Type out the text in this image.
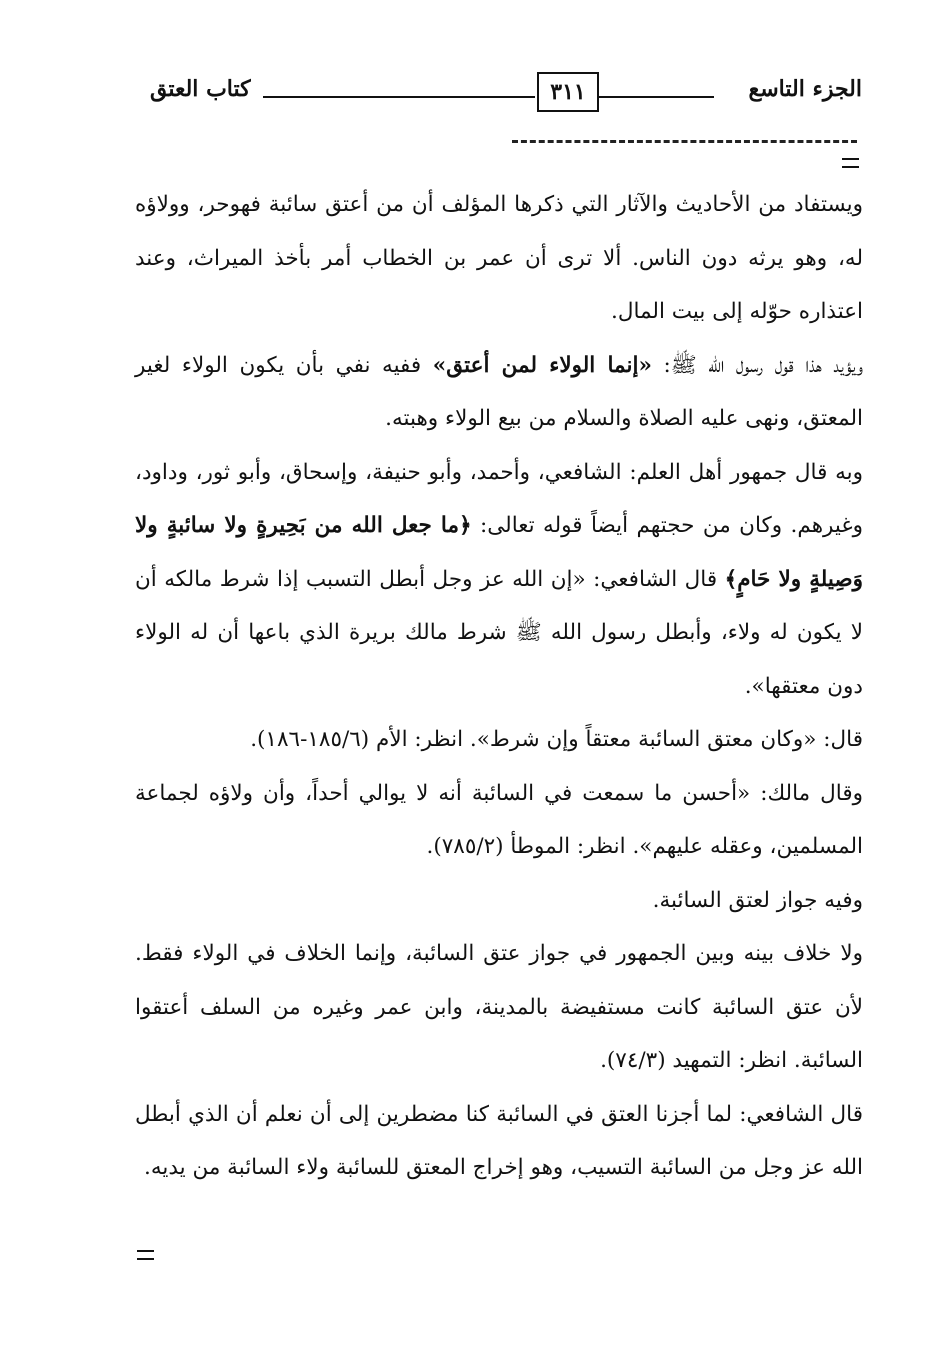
الجزء التاسع
٣١١
كتاب العتق

ويستفاد من الأحاديث والآثار التي ذكرها المؤلف أن من أعتق سائبة فهوحر، وولاؤه له، وهو يرثه دون الناس. ألا ترى أن عمر بن الخطاب أمر بأخذ الميراث، وعند اعتذاره حوّله إلى بيت المال.

ويؤيد هذا قول رسول الله ﷺ: «إنما الولاء لمن أعتق» ففيه نفي بأن يكون الولاء لغير المعتق، ونهى عليه الصلاة والسلام من بيع الولاء وهبته.

وبه قال جمهور أهل العلم: الشافعي، وأحمد، وأبو حنيفة، وإسحاق، وأبو ثور، وداود، وغيرهم. وكان من حجتهم أيضاً قوله تعالى: ﴿ما جعل الله من بَحِيرةٍ ولا سائبةٍ ولا وَصِيلةٍ ولا حَامٍ﴾ قال الشافعي: «إن الله عز وجل أبطل التسبب إذا شرط مالكه أن لا يكون له ولاء، وأبطل رسول الله ﷺ شرط مالك بريرة الذي باعها أن له الولاء دون معتقها».

قال: «وكان معتق السائبة معتقاً وإن شرط». انظر: الأم (١٨٥/٦-١٨٦).

وقال مالك: «أحسن ما سمعت في السائبة أنه لا يوالي أحداً، وأن ولاؤه لجماعة المسلمين، وعقله عليهم». انظر: الموطأ (٧٨٥/٢).

وفيه جواز لعتق السائبة.

ولا خلاف بينه وبين الجمهور في جواز عتق السائبة، وإنما الخلاف في الولاء فقط. لأن عتق السائبة كانت مستفيضة بالمدينة، وابن عمر وغيره من السلف أعتقوا السائبة. انظر: التمهيد (٧٤/٣).

قال الشافعي: لما أجزنا العتق في السائبة كنا مضطرين إلى أن نعلم أن الذي أبطل الله عز وجل من السائبة التسيب، وهو إخراج المعتق للسائبة ولاء السائبة من يديه.
